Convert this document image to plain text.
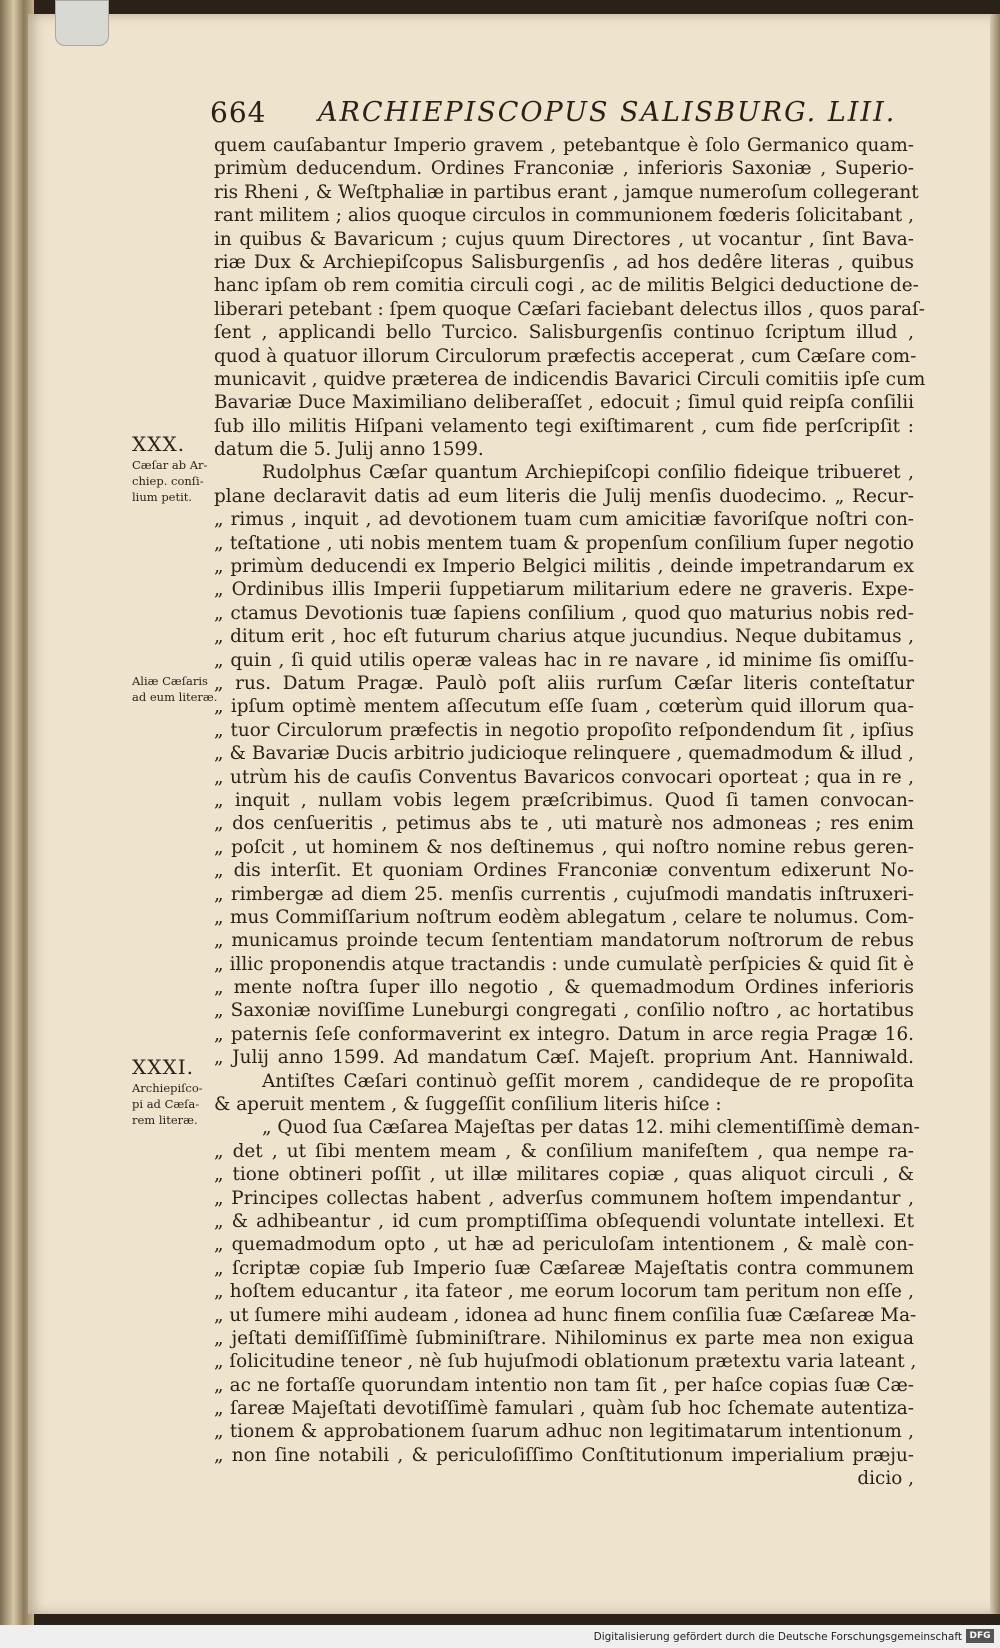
664 ARCHIEPISCOPUS SALISBURG. LIII.
XXX.
Cæſar ab Ar-
chiep. conſi-
lium petit.
Aliæ Cæſaris
ad eum literæ.
XXXI.
Archiepiſco-
pi ad Cæſa-
rem literæ.
quem cauſabantur Imperio gravem , petebantque è ſolo Germanico quam-
primùm deducendum. Ordines Franconiæ , inferioris Saxoniæ , Superio-
ris Rheni , & Weſtphaliæ in partibus erant , jamque numeroſum collegerant
rant militem ; alios quoque circulos in communionem fœderis ſolicitabant ,
in quibus & Bavaricum ; cujus quum Directores , ut vocantur , ſint Bava-
riæ Dux & Archiepiſcopus Salisburgenſis , ad hos dedêre literas , quibus
hanc ipſam ob rem comitia circuli cogi , ac de militis Belgici deductione de-
liberari petebant : ſpem quoque Cæſari faciebant delectus illos , quos paraſ-
ſent , applicandi bello Turcico. Salisburgenſis continuo ſcriptum illud ,
quod à quatuor illorum Circulorum præfectis acceperat , cum Cæſare com-
municavit , quidve præterea de indicendis Bavarici Circuli comitiis ipſe cum
Bavariæ Duce Maximiliano deliberaſſet , edocuit ; ſimul quid reipſa conſilii
ſub illo militis Hiſpani velamento tegi exiſtimarent , cum fide perſcripſit :
datum die 5. Julij anno 1599.
Rudolphus Cæſar quantum Archiepiſcopi conſilio fideique tribueret ,
plane declaravit datis ad eum literis die Julij menſis duodecimo. „ Recur-
„ rimus , inquit , ad devotionem tuam cum amicitiæ favoriſque noſtri con-
„ teſtatione , uti nobis mentem tuam & propenſum conſilium ſuper negotio
„ primùm deducendi ex Imperio Belgici militis , deinde impetrandarum ex
„ Ordinibus illis Imperii ſuppetiarum militarium edere ne graveris. Expe-
„ ctamus Devotionis tuæ ſapiens conſilium , quod quo maturius nobis red-
„ ditum erit , hoc eſt futurum charius atque jucundius. Neque dubitamus ,
„ quin , ſi quid utilis operæ valeas hac in re navare , id minime ſis omiſſu-
„ rus. Datum Pragæ. Paulò poſt aliis rurſum Cæſar literis conteſtatur
„ ipſum optimè mentem aſſecutum eſſe ſuam , cœterùm quid illorum qua-
„ tuor Circulorum præfectis in negotio propoſito reſpondendum ſit , ipſius
„ & Bavariæ Ducis arbitrio judicioque relinquere , quemadmodum & illud ,
„ utrùm his de cauſis Conventus Bavaricos convocari oporteat ; qua in re ,
„ inquit , nullam vobis legem præſcribimus. Quod ſi tamen convocan-
„ dos cenſueritis , petimus abs te , uti maturè nos admoneas ; res enim
„ poſcit , ut hominem & nos deſtinemus , qui noſtro nomine rebus geren-
„ dis interſit. Et quoniam Ordines Franconiæ conventum edixerunt No-
„ rimbergæ ad diem 25. menſis currentis , cujuſmodi mandatis inſtruxeri-
„ mus Commiſſarium noſtrum eodèm ablegatum , celare te nolumus. Com-
„ municamus proinde tecum ſententiam mandatorum noſtrorum de rebus
„ illic proponendis atque tractandis : unde cumulatè perſpicies & quid ſit è
„ mente noſtra ſuper illo negotio , & quemadmodum Ordines inferioris
„ Saxoniæ noviſſime Luneburgi congregati , conſilio noſtro , ac hortatibus
„ paternis ſeſe conformaverint ex integro. Datum in arce regia Pragæ 16.
„ Julij anno 1599. Ad mandatum Cæſ. Majeſt. proprium Ant. Hanniwald.
Antiſtes Cæſari continuò geſſit morem , candideque de re propoſita
& aperuit mentem , & ſuggeſſit conſilium literis hiſce :
„ Quod ſua Cæſarea Majeſtas per datas 12. mihi clementiſſimè deman-
„ det , ut ſibi mentem meam , & conſilium manifeſtem , qua nempe ra-
„ tione obtineri poſſit , ut illæ militares copiæ , quas aliquot circuli , &
„ Principes collectas habent , adverſus communem hoſtem impendantur ,
„ & adhibeantur , id cum promptiſſima obſequendi voluntate intellexi. Et
„ quemadmodum opto , ut hæ ad periculoſam intentionem , & malè con-
„ ſcriptæ copiæ ſub Imperio ſuæ Cæſareæ Majeſtatis contra communem
„ hoſtem educantur , ita fateor , me eorum locorum tam peritum non eſſe ,
„ ut ſumere mihi audeam , idonea ad hunc finem conſilia ſuæ Cæſareæ Ma-
„ jeſtati demiſſiſſimè ſubminiſtrare. Nihilominus ex parte mea non exigua
„ ſolicitudine teneor , nè ſub hujuſmodi oblationum prætextu varia lateant ,
„ ac ne fortaſſe quorundam intentio non tam ſit , per haſce copias ſuæ Cæ-
„ ſareæ Majeſtati devotiſſimè famulari , quàm ſub hoc ſchemate autentiza-
„ tionem & approbationem ſuarum adhuc non legitimatarum intentionum ,
„ non ſine notabili , & periculoſiſſimo Conſtitutionum imperialium præju-
dicio ,
Digitalisierung gefördert durch die Deutsche Forschungsgemeinschaft DFG
